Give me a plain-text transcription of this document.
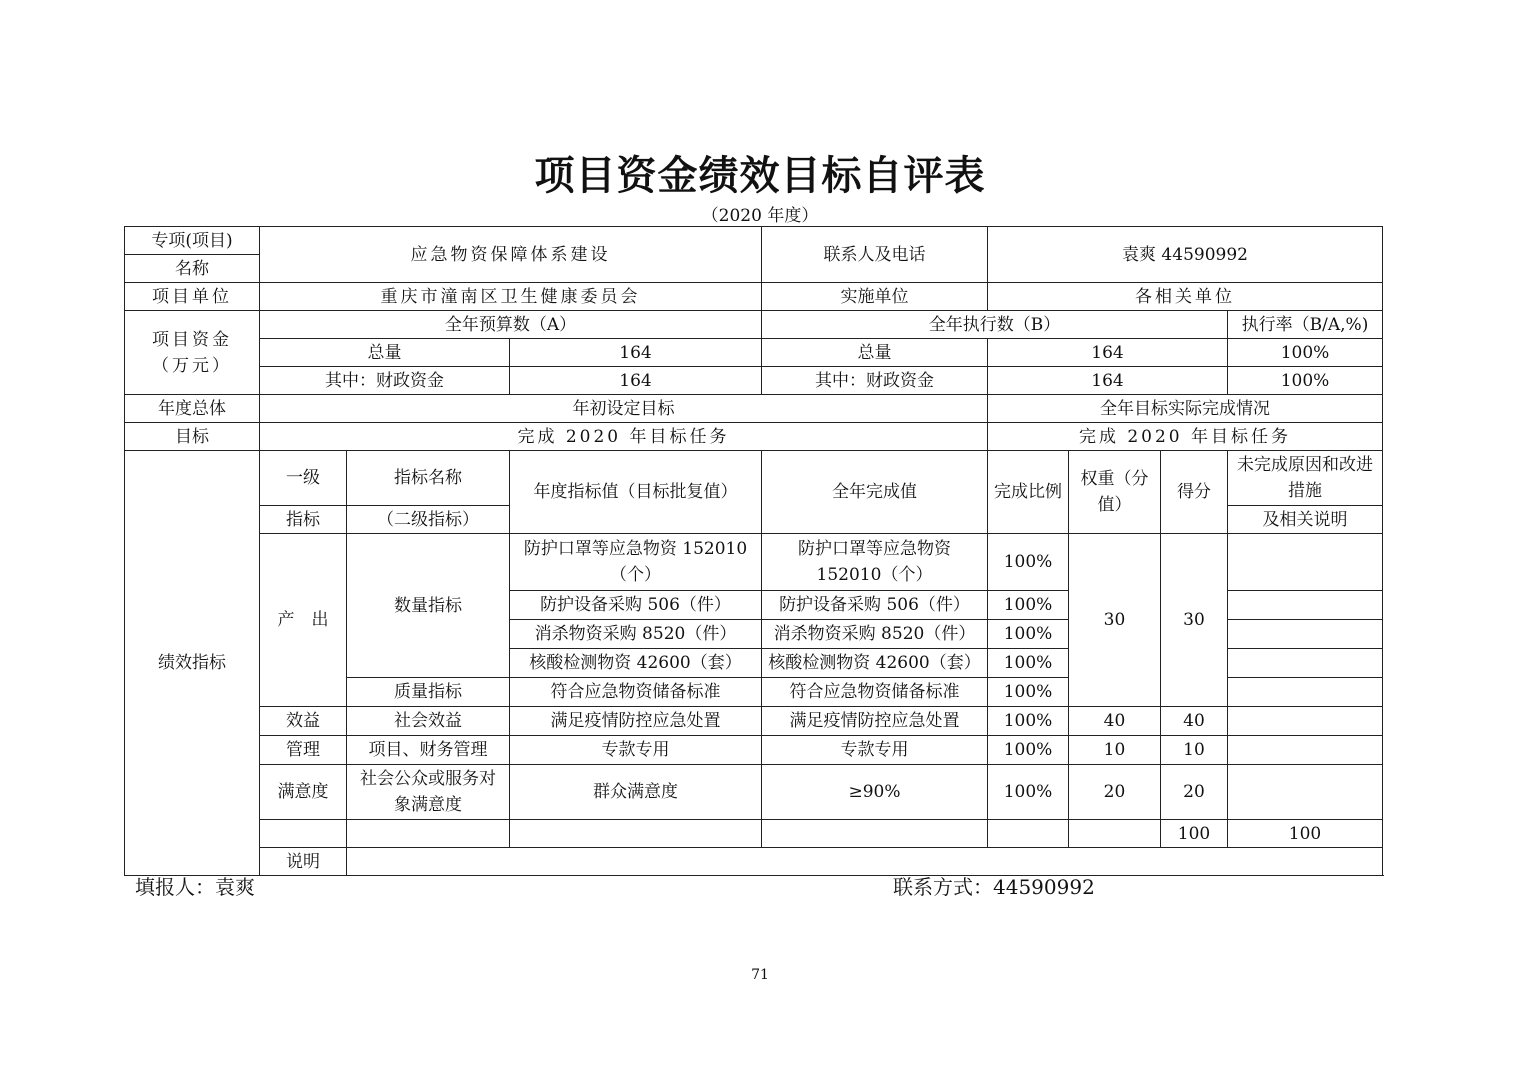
项目资金绩效目标自评表
（2020 年度）
专项(项目)	应急物资保障体系建设			联系人及电话	袁爽 44590992				
名称									
项目单位	重庆市潼南区卫生健康委员会			实施单位	各相关单位				

项目资金
（万元）	全年预算数（A）			全年执行数（B）				执行率（B/A,%)	
	总量		164	总量	164			100%	
	其中：财政资金		164	其中：财政资金	164			100%	
年度总体	年初设定目标				全年目标实际完成情况				
目标	完成 2020 年目标任务				完成 2020 年目标任务				
绩效指标	一级	指标名称	年度指标值（目标批复值）	全年完成值	完成比例	权重（分值）	得分	未完成原因和改进措施	
	指标	（二级指标）						及相关说明	
	产　出	数量指标	防护口罩等应急物资 152010（个）	防护口罩等应急物资 152010（个）	100%	30	30		
			防护设备采购 506（件）	防护设备采购 506（件）	100%				
			消杀物资采购 8520（件）	消杀物资采购 8520（件）	100%				
			核酸检测物资 42600（套）	核酸检测物资 42600（套）	100%				
		质量指标	符合应急物资储备标准	符合应急物资储备标准	100%				
	效益	社会效益	满足疫情防控应急处置	满足疫情防控应急处置	100%	40	40		
	管理	项目、财务管理	专款专用	专款专用	100%	10	10		
	满意度	社会公众或服务对象满意度	群众满意度	≥90%	100%	20	20		
							100	100	
	说明								
填报人：袁爽	联系方式：44590992
71
